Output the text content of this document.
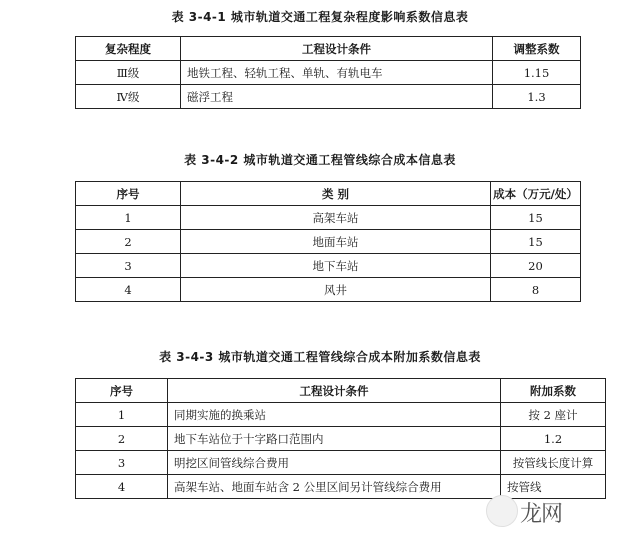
表 3-4-1 城市轨道交通工程复杂程度影响系数信息表
复杂程度	工程设计条件	调整系数
Ⅲ级	地铁工程、轻轨工程、单轨、有轨电车	1.15
Ⅳ级	磁浮工程	1.3
表 3-4-2 城市轨道交通工程管线综合成本信息表
序号	类 别	成本（万元/处）
1	高架车站	15
2	地面车站	15
3	地下车站	20
4	风井	8
表 3-4-3 城市轨道交通工程管线综合成本附加系数信息表
序号	工程设计条件	附加系数
1	同期实施的换乘站	按 2 座计
2	地下车站位于十字路口范围内	1.2
3	明挖区间管线综合费用	按管线长度计算
4	高架车站、地面车站含 2 公里区间另计管线综合费用	按管线
龙网
